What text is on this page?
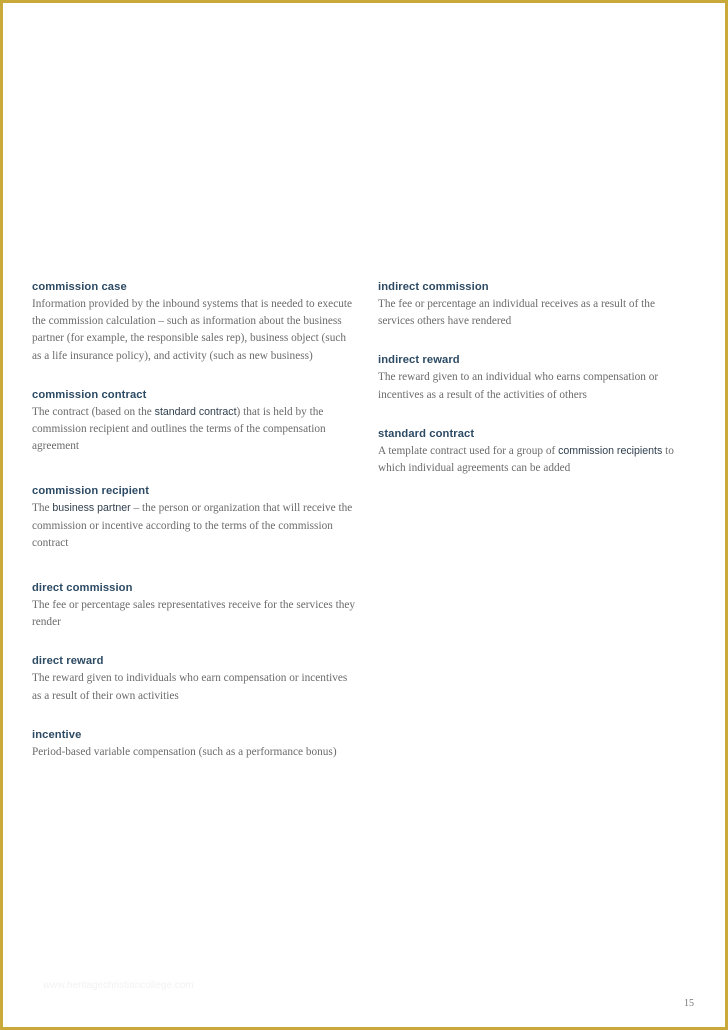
commission case

Information provided by the inbound systems that is needed to execute the commission calculation – such as information about the business partner (for example, the responsible sales rep), business object (such as a life insurance policy), and activity (such as new business)

commission contract

The contract (based on the standard contract) that is held by the commission recipient and outlines the terms of the compensation agreement

commission recipient

The business partner – the person or organization that will receive the commission or incentive according to the terms of the commission contract

direct commission

The fee or percentage sales representatives receive for the services they render

direct reward

The reward given to individuals who earn compensation or incentives as a result of their own activities

incentive

Period-based variable compensation (such as a performance bonus)

indirect commission

The fee or percentage an individual receives as a result of the services others have rendered

indirect reward

The reward given to an individual who earns compensation or incentives as a result of the activities of others

standard contract

A template contract used for a group of commission recipients to which individual agreements can be added

www.heritagechristiancollege.com
15
